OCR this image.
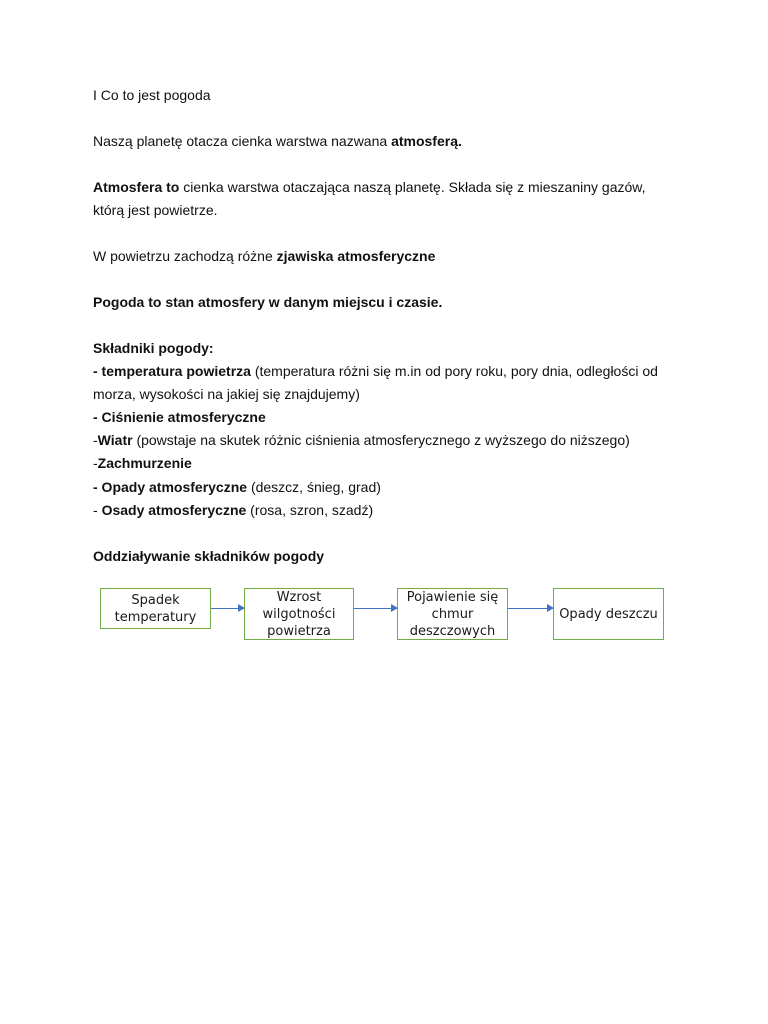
I Co to jest pogoda
Naszą planetę otacza cienka warstwa nazwana atmosferą.
Atmosfera to cienka warstwa otaczająca naszą planetę. Składa się z mieszaniny gazów,
którą jest powietrze.
W powietrzu zachodzą różne zjawiska atmosferyczne
Pogoda to stan atmosfery w danym miejscu i czasie.
Składniki pogody:
- temperatura powietrza (temperatura różni się m.in od pory roku, pory dnia, odległości od
morza, wysokości na jakiej się znajdujemy)
- Ciśnienie atmosferyczne
-Wiatr (powstaje na skutek różnic ciśnienia atmosferycznego z wyższego do niższego)
-Zachmurzenie
- Opady atmosferyczne (deszcz, śnieg, grad)
- Osady atmosferyczne (rosa, szron, szadź)
Oddziaływanie składników pogody
Spadek
temperatury
Wzrost
wilgotności
powietrza
Pojawienie się
chmur
deszczowych
Opady deszczu
